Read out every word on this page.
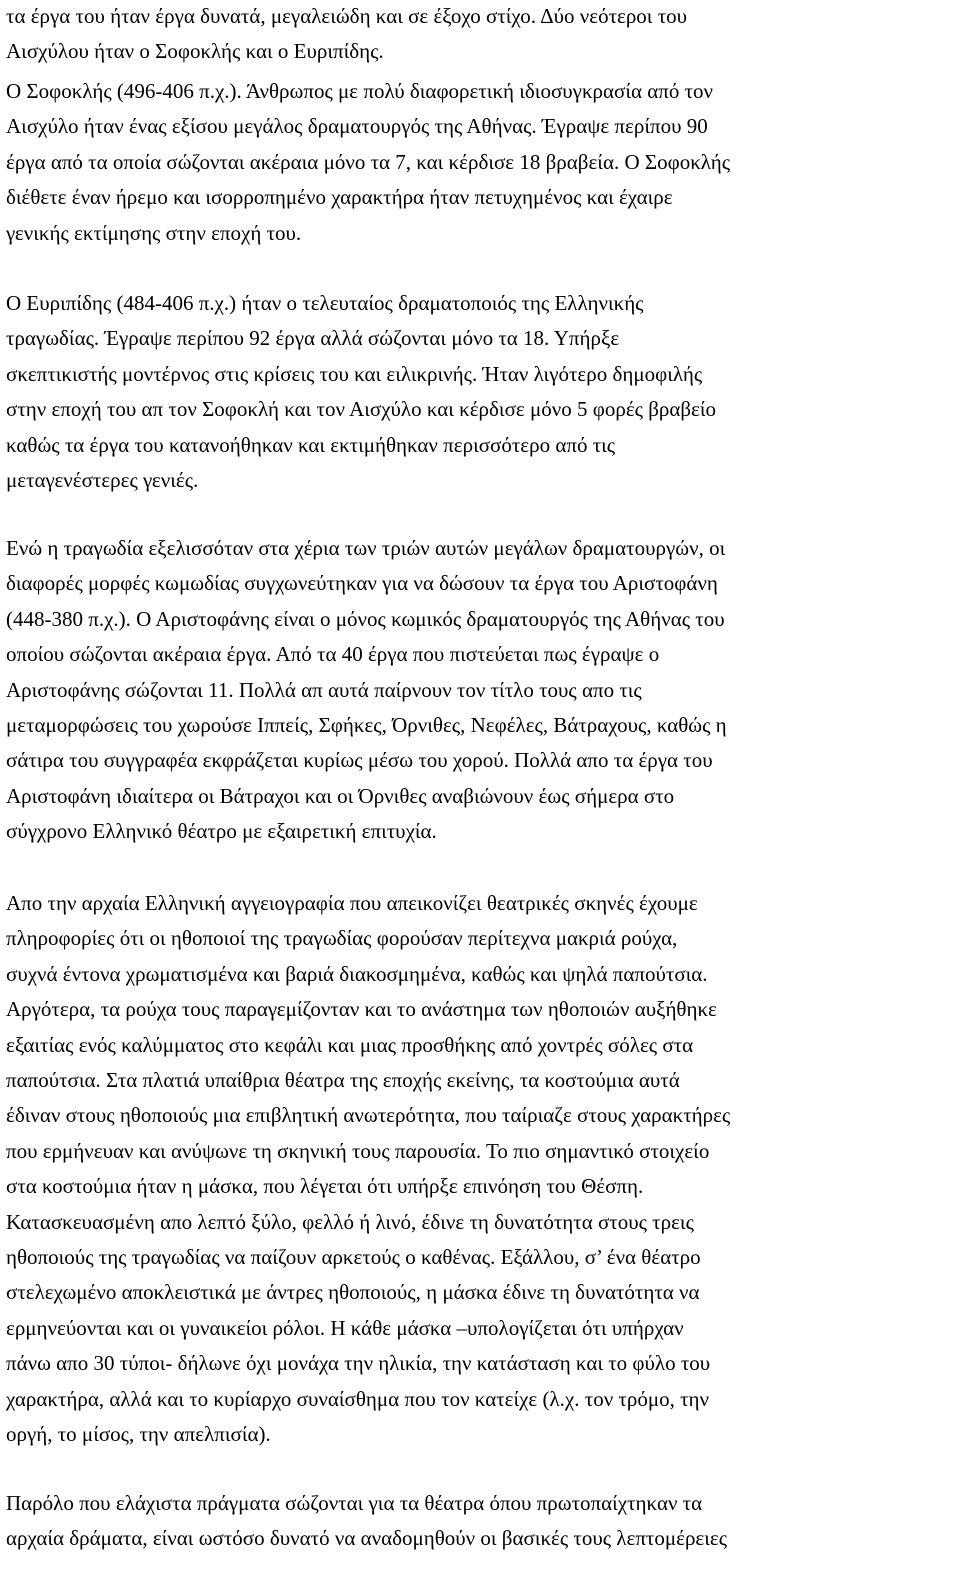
τα έργα του ήταν έργα δυνατά, μεγαλειώδη και σε έξοχο στίχο. Δύο νεότεροι του
Αισχύλου ήταν ο Σοφοκλής και ο Ευριπίδης.
Ο Σοφοκλής (496-406 π.χ.). Άνθρωπος με πολύ διαφορετική ιδιοσυγκρασία από τον
Αισχύλο ήταν ένας εξίσου μεγάλος δραματουργός της Αθήνας. Έγραψε περίπου 90
έργα από τα οποία σώζονται ακέραια μόνο τα 7, και κέρδισε 18 βραβεία. Ο Σοφοκλής
διέθετε έναν ήρεμο και ισορροπημένο χαρακτήρα ήταν πετυχημένος και έχαιρε
γενικής εκτίμησης στην εποχή του.
Ο Ευριπίδης (484-406 π.χ.) ήταν ο τελευταίος δραματοποιός της Ελληνικής
τραγωδίας. Έγραψε περίπου 92 έργα αλλά σώζονται μόνο τα 18. Υπήρξε
σκεπτικιστής μοντέρνος στις κρίσεις του και ειλικρινής. Ήταν λιγότερο δημοφιλής
στην εποχή του απ τον Σοφοκλή και τον Αισχύλο και κέρδισε μόνο 5 φορές βραβείο
καθώς τα έργα του κατανοήθηκαν και εκτιμήθηκαν περισσότερο από τις
μεταγενέστερες γενιές.
Ενώ η τραγωδία εξελισσόταν στα χέρια των τριών αυτών μεγάλων δραματουργών, οι
διαφορές μορφές κωμωδίας συγχωνεύτηκαν για να δώσουν τα έργα του Αριστοφάνη
(448-380 π.χ.). Ο Αριστοφάνης είναι ο μόνος κωμικός δραματουργός της Αθήνας του
οποίου σώζονται ακέραια έργα. Από τα 40 έργα που πιστεύεται πως έγραψε ο
Αριστοφάνης σώζονται 11. Πολλά απ αυτά παίρνουν τον τίτλο τους απο τις
μεταμορφώσεις του χωρούσε Ιππείς, Σφήκες, Όρνιθες, Νεφέλες, Βάτραχους, καθώς η
σάτιρα του συγγραφέα εκφράζεται κυρίως μέσω του χορού. Πολλά απο τα έργα του
Αριστοφάνη ιδιαίτερα οι Βάτραχοι και οι Όρνιθες αναβιώνουν έως σήμερα στο
σύγχρονο Ελληνικό θέατρο με εξαιρετική επιτυχία.
Απο την αρχαία Ελληνική αγγειογραφία που απεικονίζει θεατρικές σκηνές έχουμε
πληροφορίες ότι οι ηθοποιοί της τραγωδίας φορούσαν περίτεχνα μακριά ρούχα,
συχνά έντονα χρωματισμένα και βαριά διακοσμημένα, καθώς και ψηλά παπούτσια.
Αργότερα, τα ρούχα τους παραγεμίζονταν και το ανάστημα των ηθοποιών αυξήθηκε
εξαιτίας ενός καλύμματος στο κεφάλι και μιας προσθήκης από χοντρές σόλες στα
παπούτσια. Στα πλατιά υπαίθρια θέατρα της εποχής εκείνης, τα κοστούμια αυτά
έδιναν στους ηθοποιούς μια επιβλητική ανωτερότητα, που ταίριαζε στους χαρακτήρες
που ερμήνευαν και ανύψωνε τη σκηνική τους παρουσία. Το πιο σημαντικό στοιχείο
στα κοστούμια ήταν η μάσκα, που λέγεται ότι υπήρξε επινόηση του Θέσπη.
Κατασκευασμένη απο λεπτό ξύλο, φελλό ή λινό, έδινε τη δυνατότητα στους τρεις
ηθοποιούς της τραγωδίας να παίζουν αρκετούς ο καθένας. Εξάλλου, σ’ ένα θέατρο
στελεχωμένο αποκλειστικά με άντρες ηθοποιούς, η μάσκα έδινε τη δυνατότητα να
ερμηνεύονται και οι γυναικείοι ρόλοι. Η κάθε μάσκα –υπολογίζεται ότι υπήρχαν
πάνω απο 30 τύποι- δήλωνε όχι μονάχα την ηλικία, την κατάσταση και το φύλο του
χαρακτήρα, αλλά και το κυρίαρχο συναίσθημα που τον κατείχε (λ.χ. τον τρόμο, την
οργή, το μίσος, την απελπισία).
Παρόλο που ελάχιστα πράγματα σώζονται για τα θέατρα όπου πρωτοπαίχτηκαν τα
αρχαία δράματα, είναι ωστόσο δυνατό να αναδομηθούν οι βασικές τους λεπτομέρειες
